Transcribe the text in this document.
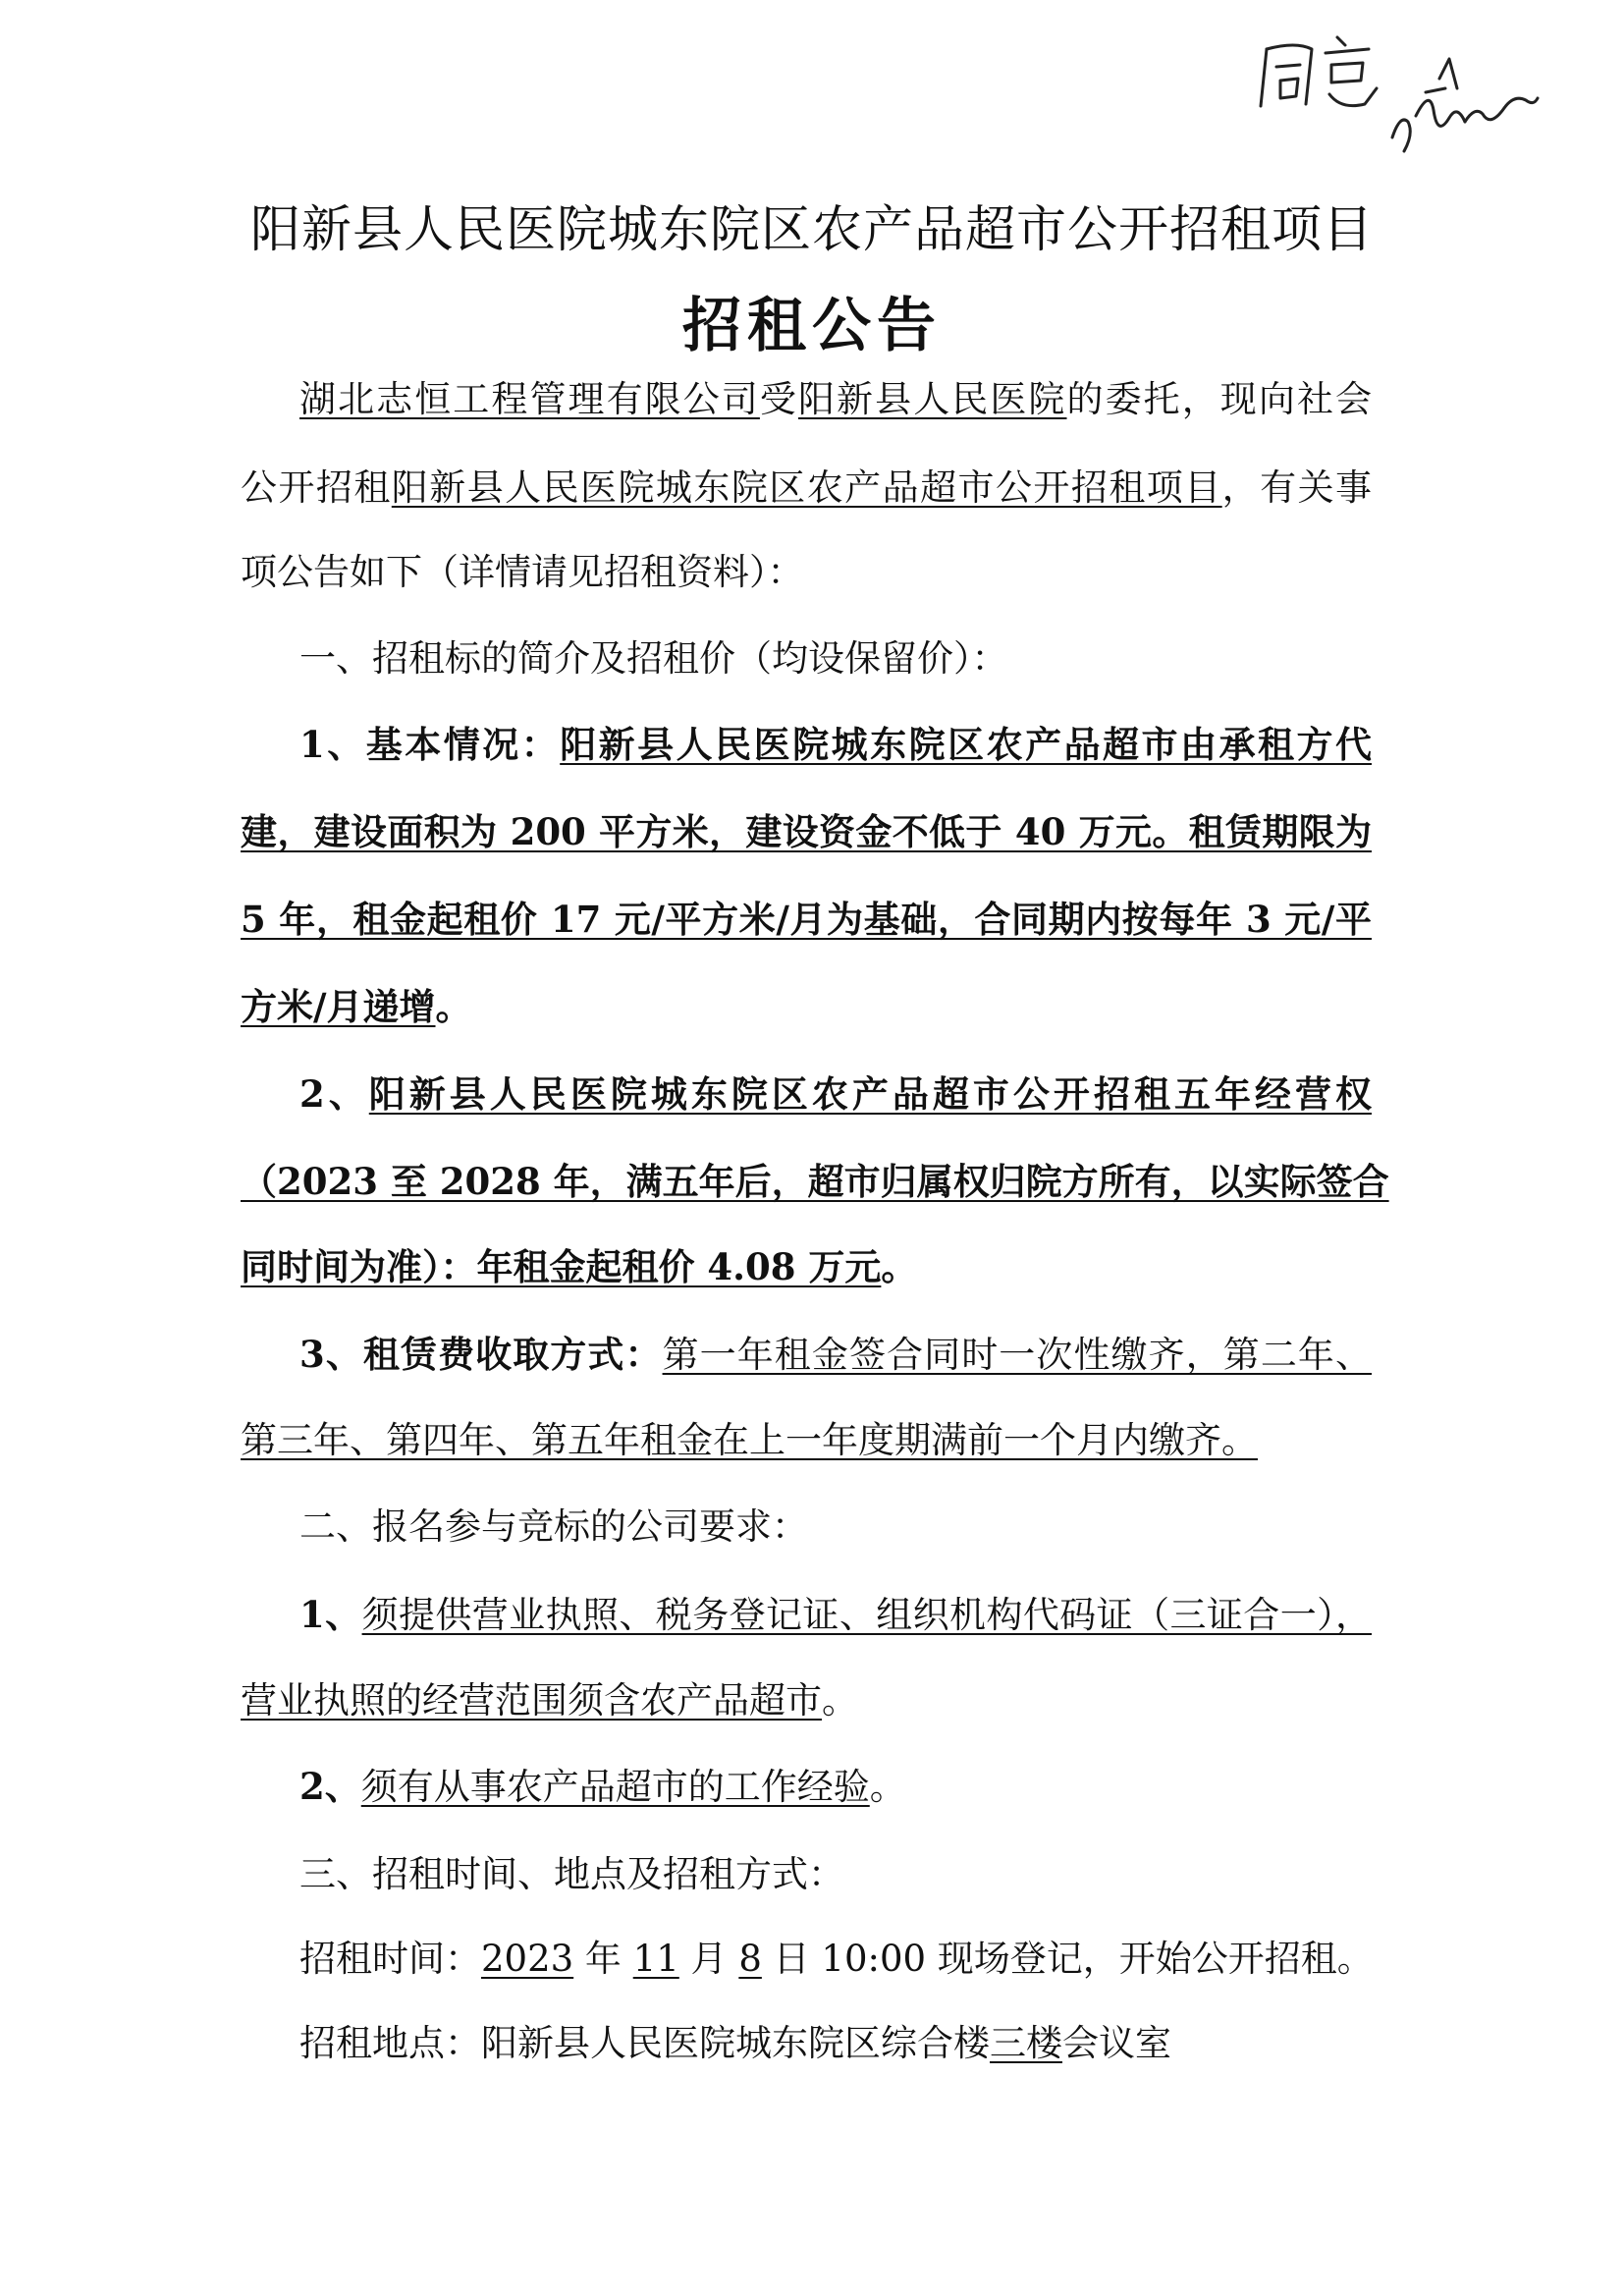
阳新县人民医院城东院区农产品超市公开招租项目
招租公告
湖北志恒工程管理有限公司受阳新县人民医院的委托，现向社会
公开招租阳新县人民医院城东院区农产品超市公开招租项目，有关事
项公告如下（详情请见招租资料）：
一、招租标的简介及招租价（均设保留价）：
1、基本情况：阳新县人民医院城东院区农产品超市由承租方代
建，建设面积为 200 平方米，建设资金不低于 40 万元。租赁期限为
5 年，租金起租价 17 元/平方米/月为基础，合同期内按每年 3 元/平
方米/月递增。
2、阳新县人民医院城东院区农产品超市公开招租五年经营权
（2023 至 2028 年，满五年后，超市归属权归院方所有，以实际签合
同时间为准）：年租金起租价 4.08 万元。
3、租赁费收取方式：第一年租金签合同时一次性缴齐，第二年、
第三年、第四年、第五年租金在上一年度期满前一个月内缴齐。
二、报名参与竞标的公司要求：
1、须提供营业执照、税务登记证、组织机构代码证（三证合一），
营业执照的经营范围须含农产品超市。
2、须有从事农产品超市的工作经验。
三、招租时间、地点及招租方式：
招租时间：2023 年 11 月 8 日 10:00 现场登记，开始公开招租。
招租地点：阳新县人民医院城东院区综合楼三楼会议室
